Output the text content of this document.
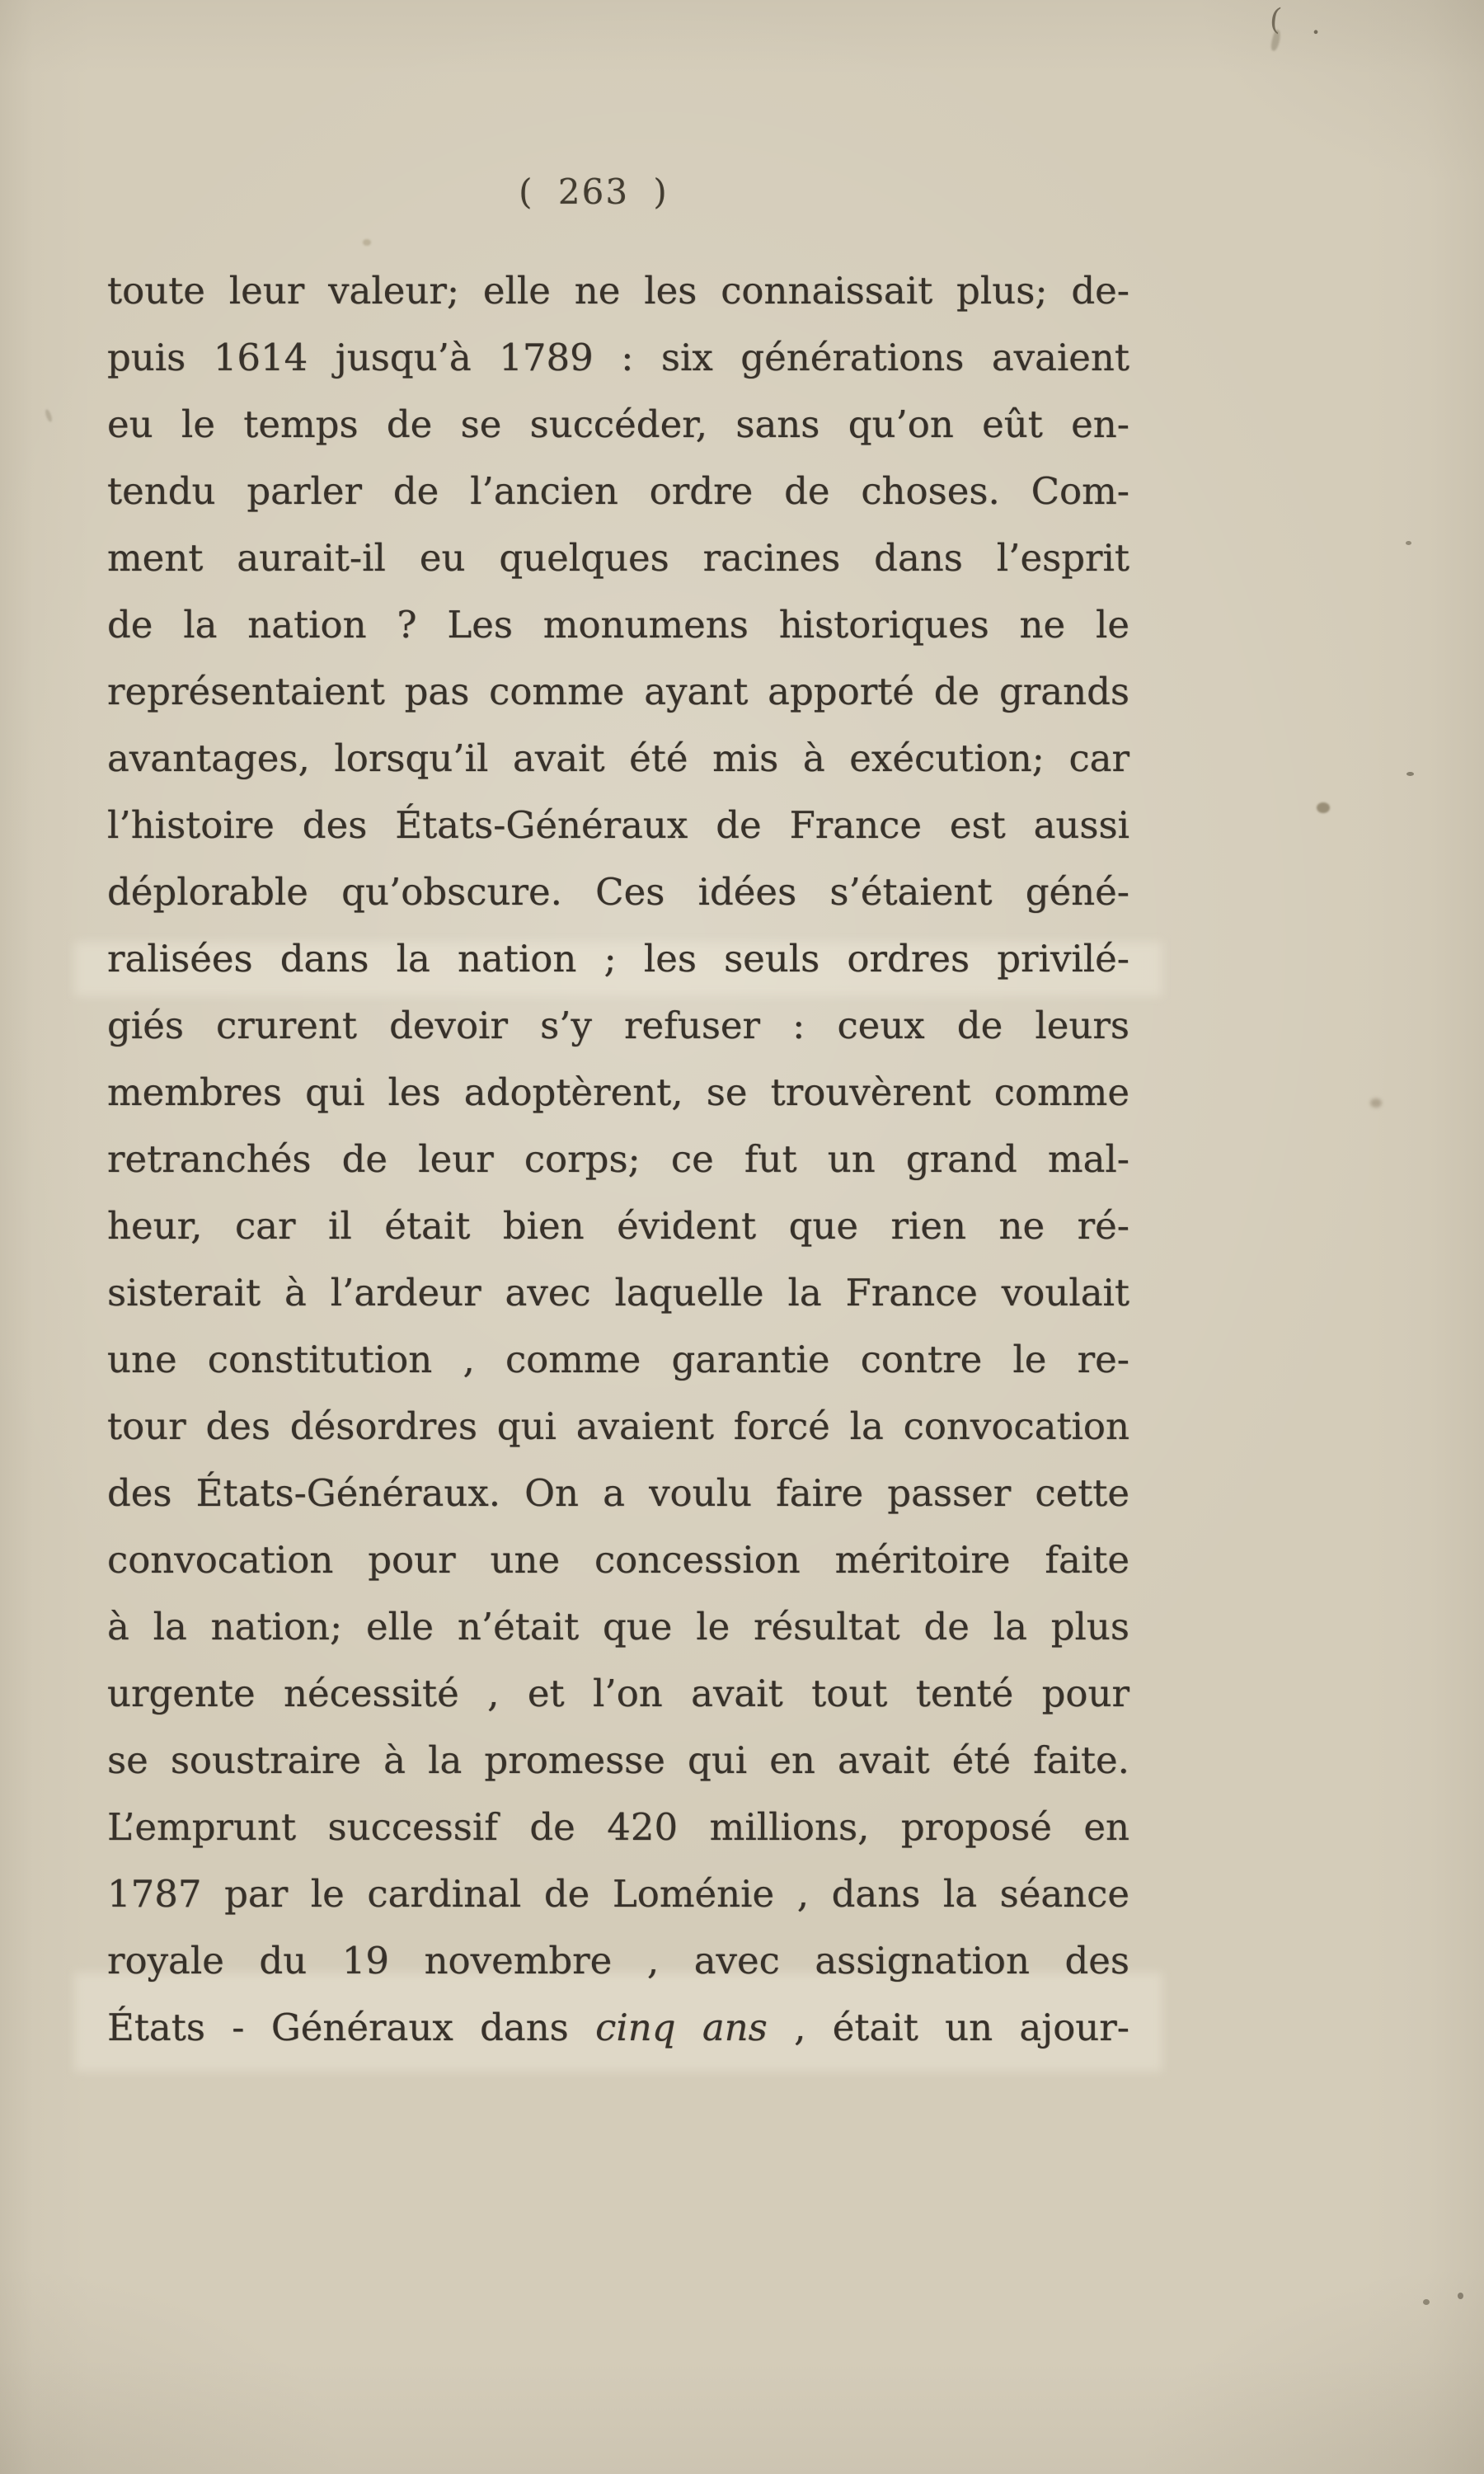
( .
( 263 )
toute leur valeur; elle ne les connaissait plus; de-
puis 1614 jusqu’à 1789 : six générations avaient
eu le temps de se succéder, sans qu’on eût en-
tendu parler de l’ancien ordre de choses. Com-
ment aurait-il eu quelques racines dans l’esprit
de la nation ? Les monumens historiques ne le
représentaient pas comme ayant apporté de grands
avantages, lorsqu’il avait été mis à exécution; car
l’histoire des États-Généraux de France est aussi
déplorable qu’obscure. Ces idées s’étaient géné-
ralisées dans la nation ; les seuls ordres privilé-
giés crurent devoir s’y refuser : ceux de leurs
membres qui les adoptèrent, se trouvèrent comme
retranchés de leur corps; ce fut un grand mal-
heur, car il était bien évident que rien ne ré-
sisterait à l’ardeur avec laquelle la France voulait
une constitution , comme garantie contre le re-
tour des désordres qui avaient forcé la convocation
des États-Généraux. On a voulu faire passer cette
convocation pour une concession méritoire faite
à la nation; elle n’était que le résultat de la plus
urgente nécessité , et l’on avait tout tenté pour
se soustraire à la promesse qui en avait été faite.
L’emprunt successif de 420 millions, proposé en
1787 par le cardinal de Loménie , dans la séance
royale du 19 novembre , avec assignation des
États - Généraux dans cinq ans , était un ajour-
